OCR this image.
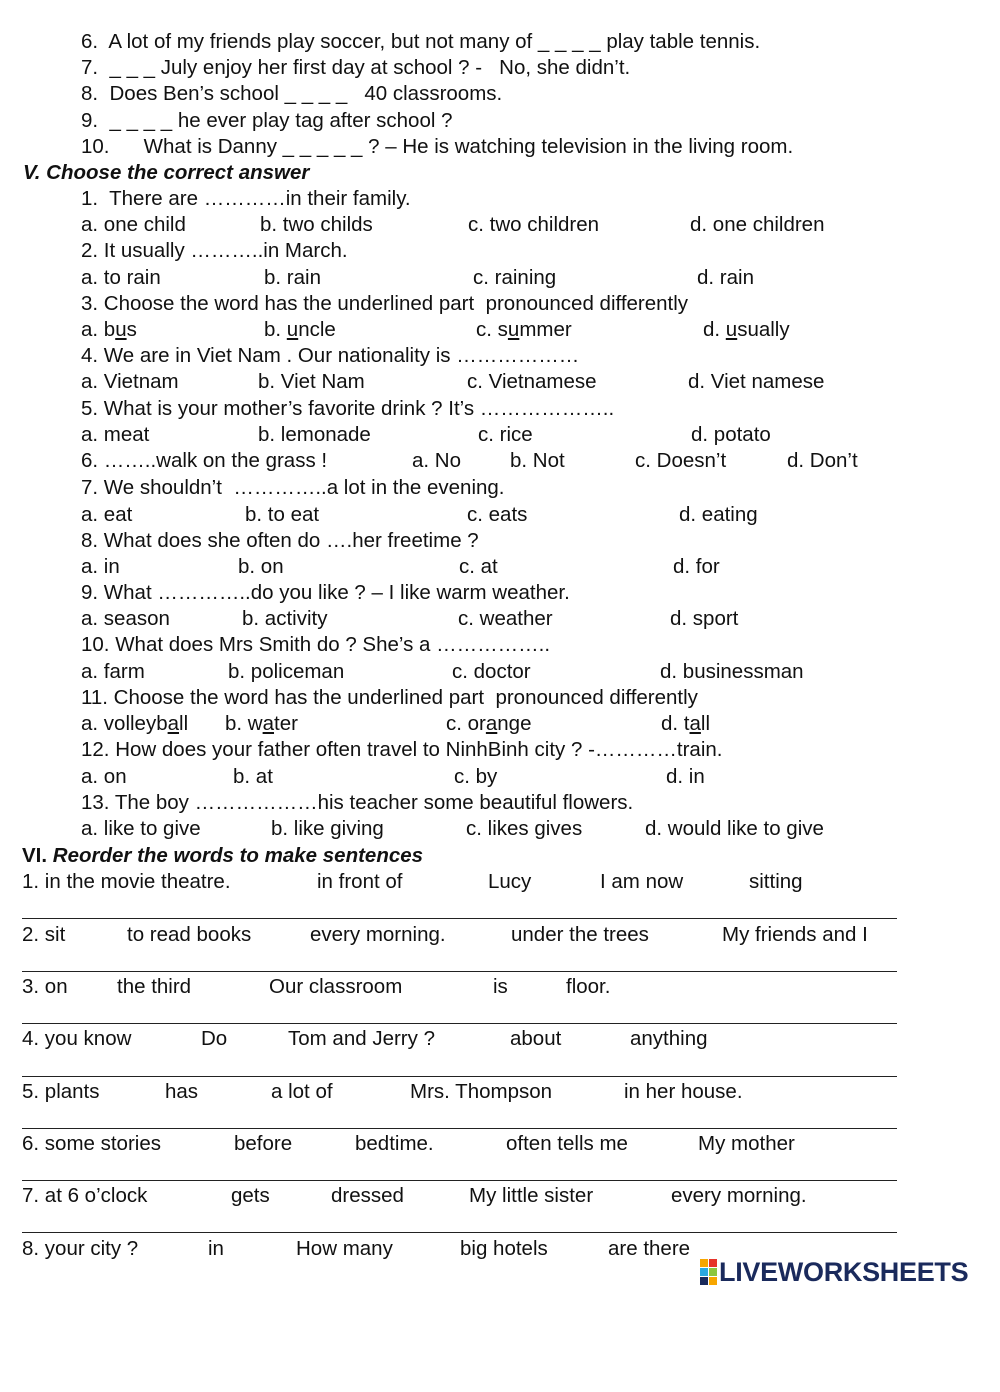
6.  A lot of my friends play soccer, but not many of _ _ _ _ play table tennis.
7.  _ _ _ July enjoy her first day at school ? -   No, she didn’t.
8.  Does Ben’s school _ _ _ _   40 classrooms.
9.  _ _ _ _ he ever play tag after school ?
10.      What is Danny _ _ _ _ _ ? – He is watching television in the living room.
V. Choose the correct answer
1.  There are …………in their family.

a. one child

	b. two childs

	c. two children

	d. one children

2. It usually ………..in March.

a. to rain

	b. rain

	c. raining

	d. rain

3. Choose the word has the underlined part  pronounced differently

a. bus

	b. uncle

	c. summer

	d. usually

4. We are in Viet Nam . Our nationality is ………………

a. Vietnam

	b. Viet Nam

	c. Vietnamese

	d. Viet namese

5. What is your mother’s favorite drink ? It’s ………………..

a. meat

	b. lemonade

	c. rice

	d. potato

6. ……..walk on the grass !

	a. No

b. Not

	c. Doesn’t

	d. Don’t

7. We shouldn’t  …………..a lot in the evening.

a. eat

	b. to eat

	c. eats

	d. eating

8. What does she often do ….her freetime ?

a. in

	b. on

	c. at

	d. for

9. What …………..do you like ? – I like warm weather.

a. season

	b. activity

	c. weather

	d. sport

10. What does Mrs Smith do ? She’s a ……………..

a. farm

	b. policeman

	c. doctor

	d. businessman

11. Choose the word has the underlined part  pronounced differently

a. volleyball

b. water

	c. orange

	d. tall

12. How does your father often travel to NinhBinh city ? -…………train.

a. on

	b. at

	c. by

	d. in

13. The boy ………………his teacher some beautiful flowers.

a. like to give

	b. like giving

	c. likes gives

	d. would like to give

VI. Reorder the words to make sentences

1. in the movie theatre.

	in front of

	Lucy

	I am now

	sitting

2. sit

	to read books

	every morning.

	under the trees

	My friends and I

3. on

the third

	Our classroom

	is

	floor.

4. you know

	Do

	Tom and Jerry ?

	about

	anything

5. plants

	has

	a lot of

	Mrs. Thompson

	in her house.

6. some stories

	before

	bedtime.

	often tells me

	My mother

7. at 6 o’clock

	gets

	dressed

	My little sister

	every morning.

8. your city ?

	in

	How many

	big hotels

	are there

LIVEWORKSHEETS
